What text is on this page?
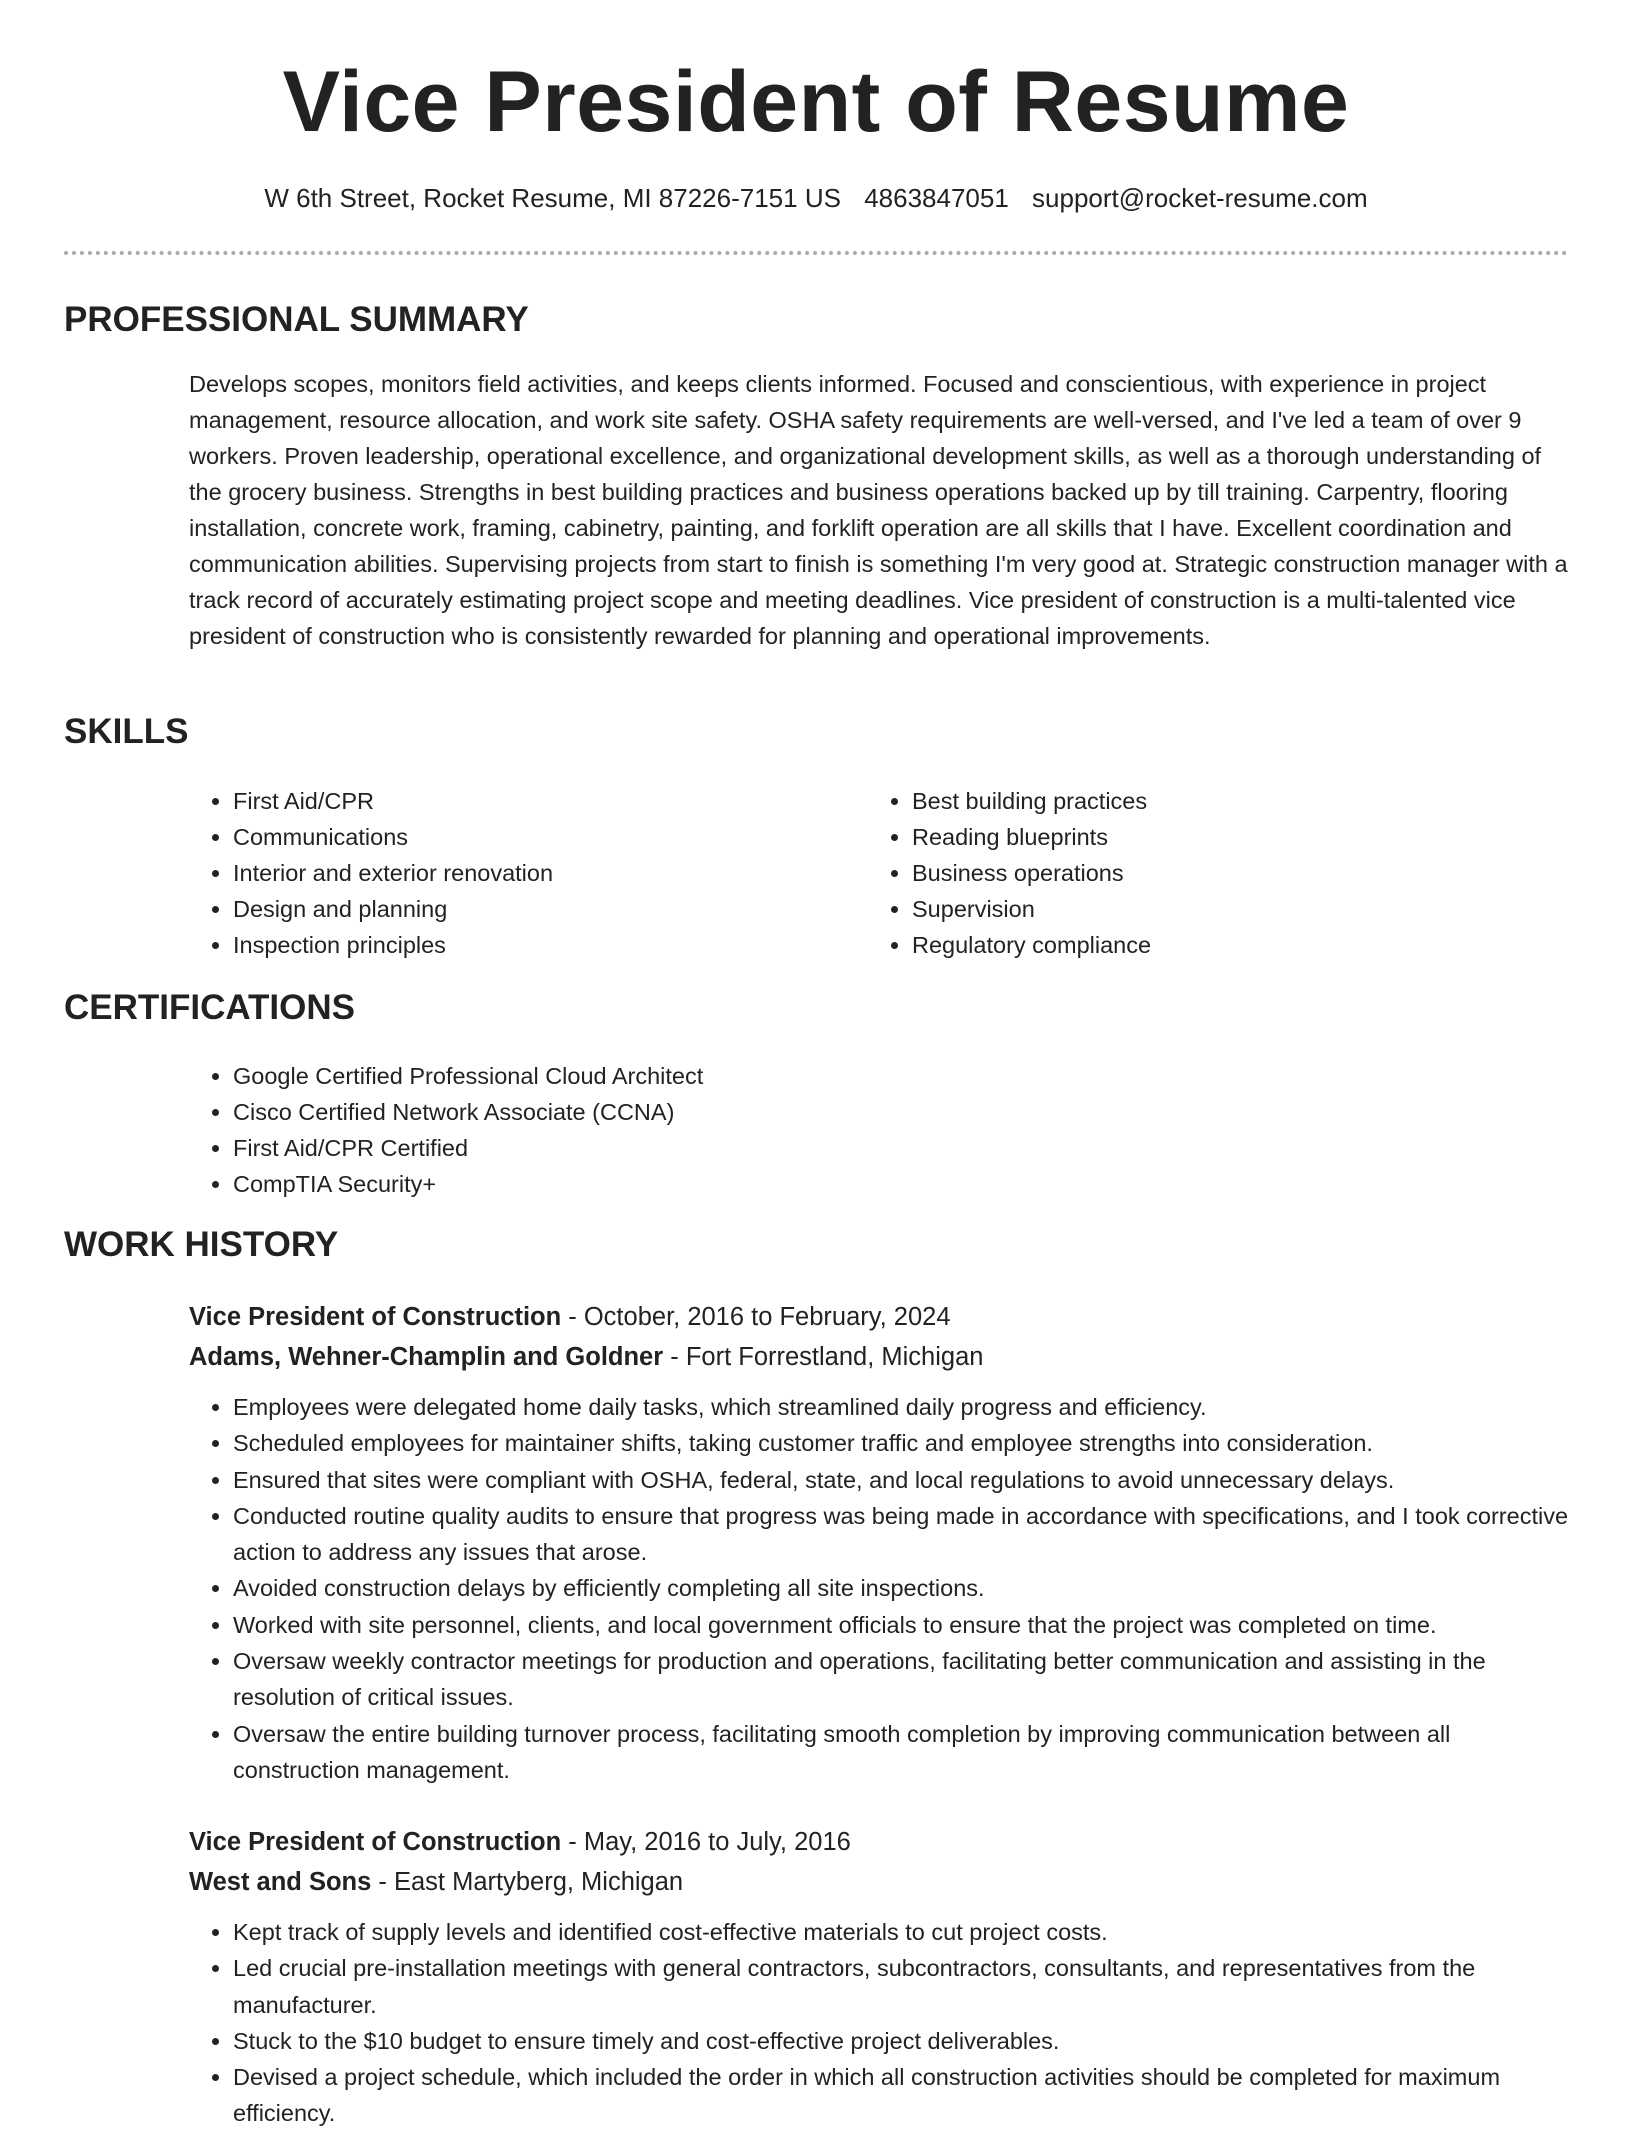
Vice President of Resume
W 6th Street, Rocket Resume, MI 87226-7151 US 4863847051 support@rocket-resume.com
PROFESSIONAL SUMMARY
Develops scopes, monitors field activities, and keeps clients informed. Focused and conscientious, with experience in project management, resource allocation, and work site safety. OSHA safety requirements are well-versed, and I've led a team of over 9 workers. Proven leadership, operational excellence, and organizational development skills, as well as a thorough understanding of the grocery business. Strengths in best building practices and business operations backed up by till training. Carpentry, flooring installation, concrete work, framing, cabinetry, painting, and forklift operation are all skills that I have. Excellent coordination and communication abilities. Supervising projects from start to finish is something I'm very good at. Strategic construction manager with a track record of accurately estimating project scope and meeting deadlines. Vice president of construction is a multi-talented vice president of construction who is consistently rewarded for planning and operational improvements.
SKILLS
• First Aid/CPR
• Communications
• Interior and exterior renovation
• Design and planning
• Inspection principles
• Best building practices
• Reading blueprints
• Business operations
• Supervision
• Regulatory compliance
CERTIFICATIONS
• Google Certified Professional Cloud Architect
• Cisco Certified Network Associate (CCNA)
• First Aid/CPR Certified
• CompTIA Security+
WORK HISTORY
Vice President of Construction - October, 2016 to February, 2024
Adams, Wehner-Champlin and Goldner - Fort Forrestland, Michigan
• Employees were delegated home daily tasks, which streamlined daily progress and efficiency.
• Scheduled employees for maintainer shifts, taking customer traffic and employee strengths into consideration.
• Ensured that sites were compliant with OSHA, federal, state, and local regulations to avoid unnecessary delays.
• Conducted routine quality audits to ensure that progress was being made in accordance with specifications, and I took corrective action to address any issues that arose.
• Avoided construction delays by efficiently completing all site inspections.
• Worked with site personnel, clients, and local government officials to ensure that the project was completed on time.
• Oversaw weekly contractor meetings for production and operations, facilitating better communication and assisting in the resolution of critical issues.
• Oversaw the entire building turnover process, facilitating smooth completion by improving communication between all construction management.
Vice President of Construction - May, 2016 to July, 2016
West and Sons - East Martyberg, Michigan
• Kept track of supply levels and identified cost-effective materials to cut project costs.
• Led crucial pre-installation meetings with general contractors, subcontractors, consultants, and representatives from the manufacturer.
• Stuck to the $10 budget to ensure timely and cost-effective project deliverables.
• Devised a project schedule, which included the order in which all construction activities should be completed for maximum efficiency.
